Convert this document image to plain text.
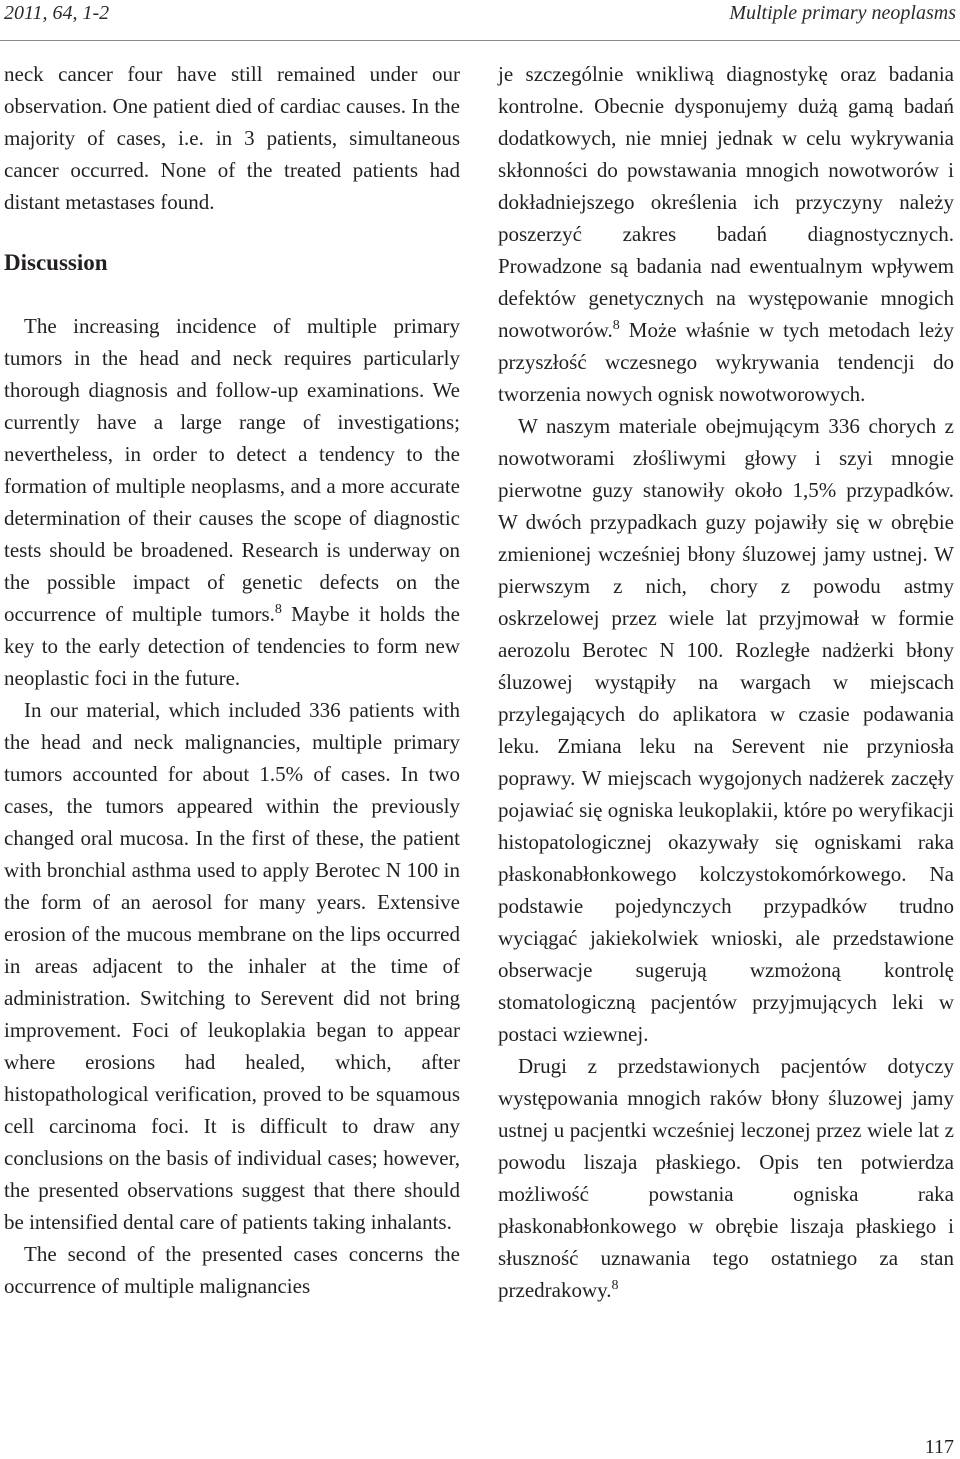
2011, 64, 1-2	Multiple primary neoplasms

neck cancer four have still remained under our observation. One patient died of cardiac causes. In the majority of cases, i.e. in 3 patients, simultaneous cancer occurred. None of the treated patients had distant metastases found.

Discussion

The increasing incidence of multiple primary tumors in the head and neck requires particularly thorough diagnosis and follow-up examinations. We currently have a large range of investigations; nevertheless, in order to detect a tendency to the formation of multiple neoplasms, and a more accurate determination of their causes the scope of diagnostic tests should be broadened. Research is underway on the possible impact of genetic defects on the occurrence of multiple tumors.$^8$ Maybe it holds the key to the early detection of tendencies to form new neoplastic foci in the future.

In our material, which included 336 patients with the head and neck malignancies, multiple primary tumors accounted for about 1.5% of cases. In two cases, the tumors appeared within the previously changed oral mucosa. In the first of these, the patient with bronchial asthma used to apply Berotec N 100 in the form of an aerosol for many years. Extensive erosion of the mucous membrane on the lips occurred in areas adjacent to the inhaler at the time of administration. Switching to Serevent did not bring improvement. Foci of leukoplakia began to appear where erosions had healed, which, after histopathological verification, proved to be squamous cell carcinoma foci. It is difficult to draw any conclusions on the basis of individual cases; however, the presented observations suggest that there should be intensified dental care of patients taking inhalants.

The second of the presented cases concerns the occurrence of multiple malignancies

je szczególnie wnikliwą diagnostykę oraz badania kontrolne. Obecnie dysponujemy dużą gamą badań dodatkowych, nie mniej jednak w celu wykrywania skłonności do powstawania mnogich nowotworów i dokładniejszego określenia ich przyczyny należy poszerzyć zakres badań diagnostycznych. Prowadzone są badania nad ewentualnym wpływem defektów genetycznych na występowanie mnogich nowotworów.$^8$ Może właśnie w tych metodach leży przyszłość wczesnego wykrywania tendencji do tworzenia nowych ognisk nowotworowych.

W naszym materiale obejmującym 336 chorych z nowotworami złośliwymi głowy i szyi mnogie pierwotne guzy stanowiły około 1,5% przypadków. W dwóch przypadkach guzy pojawiły się w obrębie zmienionej wcześniej błony śluzowej jamy ustnej. W pierwszym z nich, chory z powodu astmy oskrzelowej przez wiele lat przyjmował w formie aerozolu Berotec N 100. Rozległe nadżerki błony śluzowej wystąpiły na wargach w miejscach przylegających do aplikatora w czasie podawania leku. Zmiana leku na Serevent nie przyniosła poprawy. W miejscach wygojonych nadżerek zaczęły pojawiać się ogniska leukoplakii, które po weryfikacji histopatologicznej okazywały się ogniskami raka płaskonabłonkowego kolczystokomórkowego. Na podstawie pojedynczych przypadków trudno wyciągać jakiekolwiek wnioski, ale przedstawione obserwacje sugerują wzmożoną kontrolę stomatologiczną pacjentów przyjmujących leki w postaci wziewnej.

Drugi z przedstawionych pacjentów dotyczy występowania mnogich raków błony śluzowej jamy ustnej u pacjentki wcześniej leczonej przez wiele lat z powodu liszaja płaskiego. Opis ten potwierdza możliwość powstania ogniska raka płaskonabłonkowego w obrębie liszaja płaskiego i słuszność uznawania tego ostatniego za stan przedrakowy.$^8$

117
